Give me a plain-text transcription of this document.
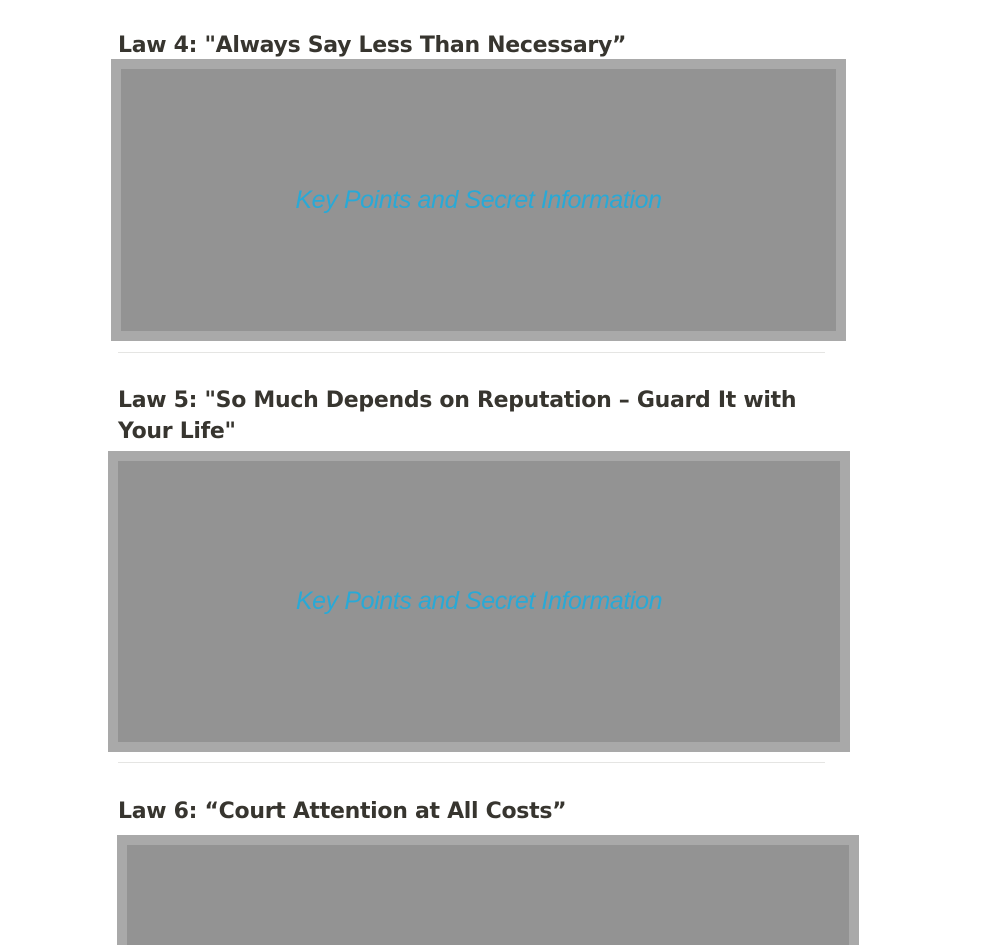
Law 4: "Always Say Less Than Necessary”
Key Points and Secret Information
Law 5: "So Much Depends on Reputation – Guard It with Your Life"
Key Points and Secret Information
Law 6: “Court Attention at All Costs”
